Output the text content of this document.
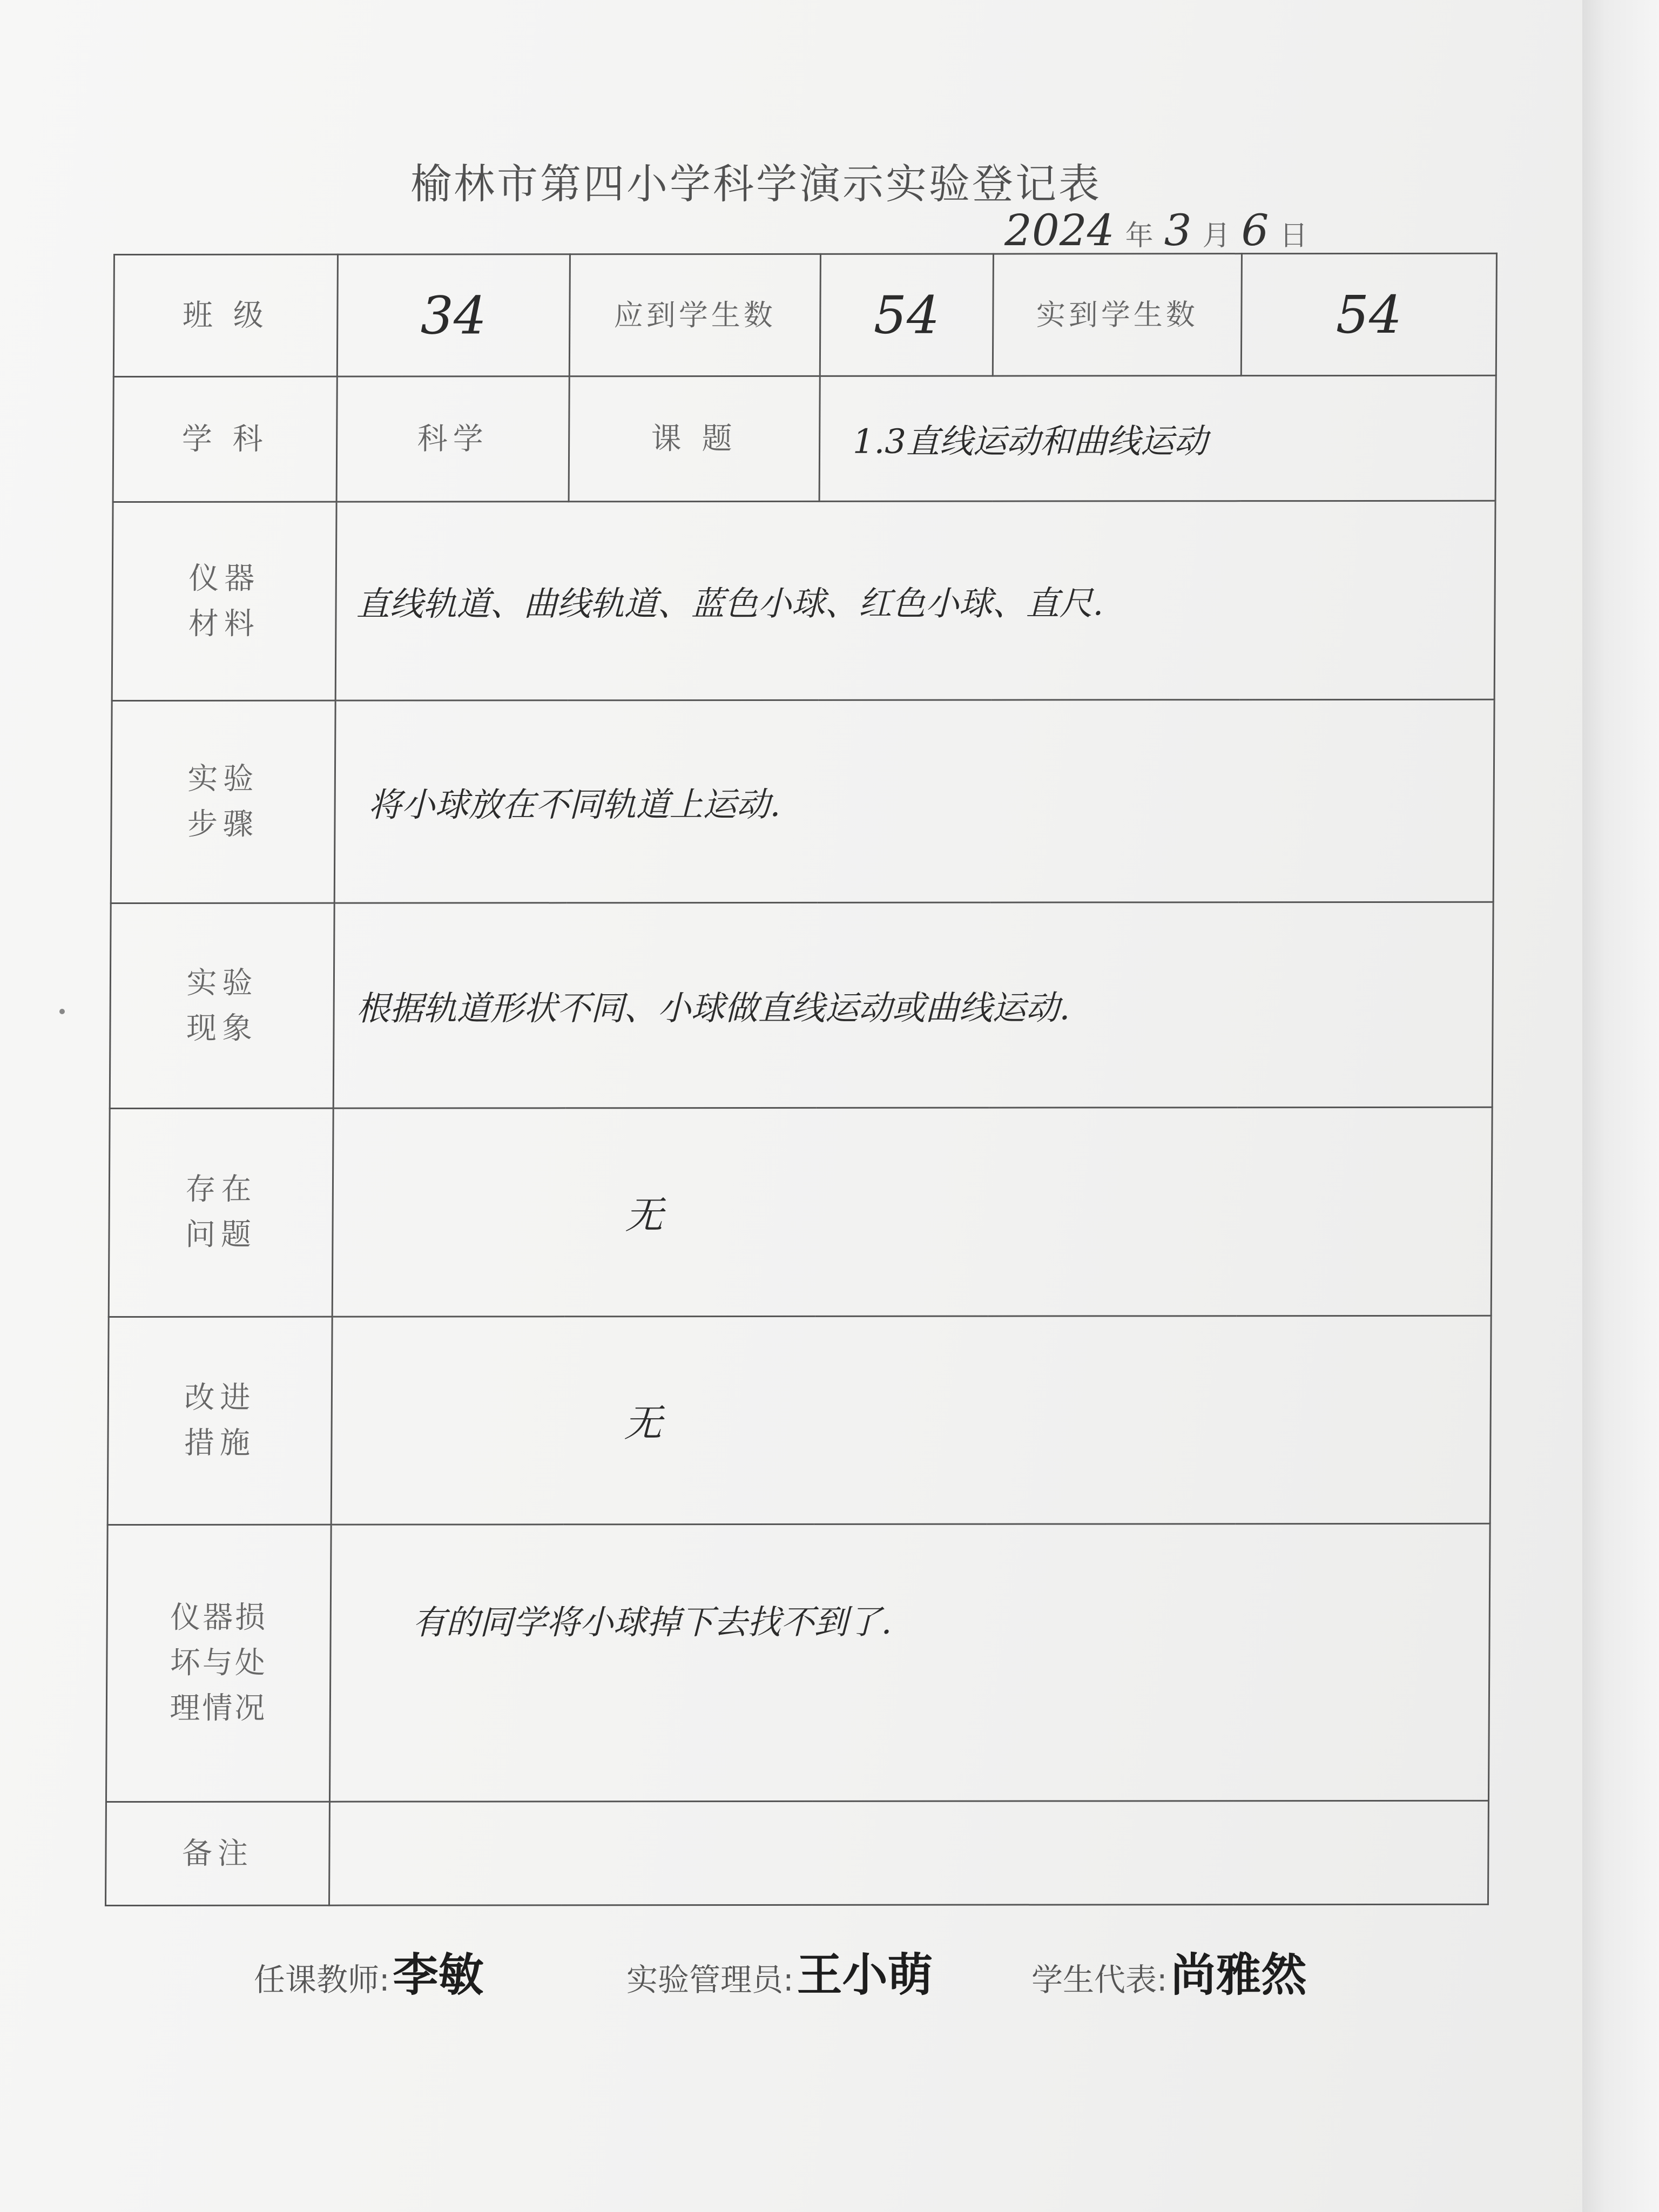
榆林市第四小学科学演示实验登记表
2024 年 3 月 6 日
班 级	34	应到学生数	54	实到学生数	54
学 科	科学	课 题	1.3直线运动和曲线运动		
仪器
材料	直线轨道、曲线轨道、蓝色小球、红色小球、直尺.				
实验
步骤	将小球放在不同轨道上运动.				
实验
现象	根据轨道形状不同、小球做直线运动或曲线运动.				
存在
问题	无				
改进
措施	无				
仪器损
坏与处
理情况	有的同学将小球掉下去找不到了.				
备注					
任课教师:李敏	实验管理员:王小萌	学生代表:尚雅然
